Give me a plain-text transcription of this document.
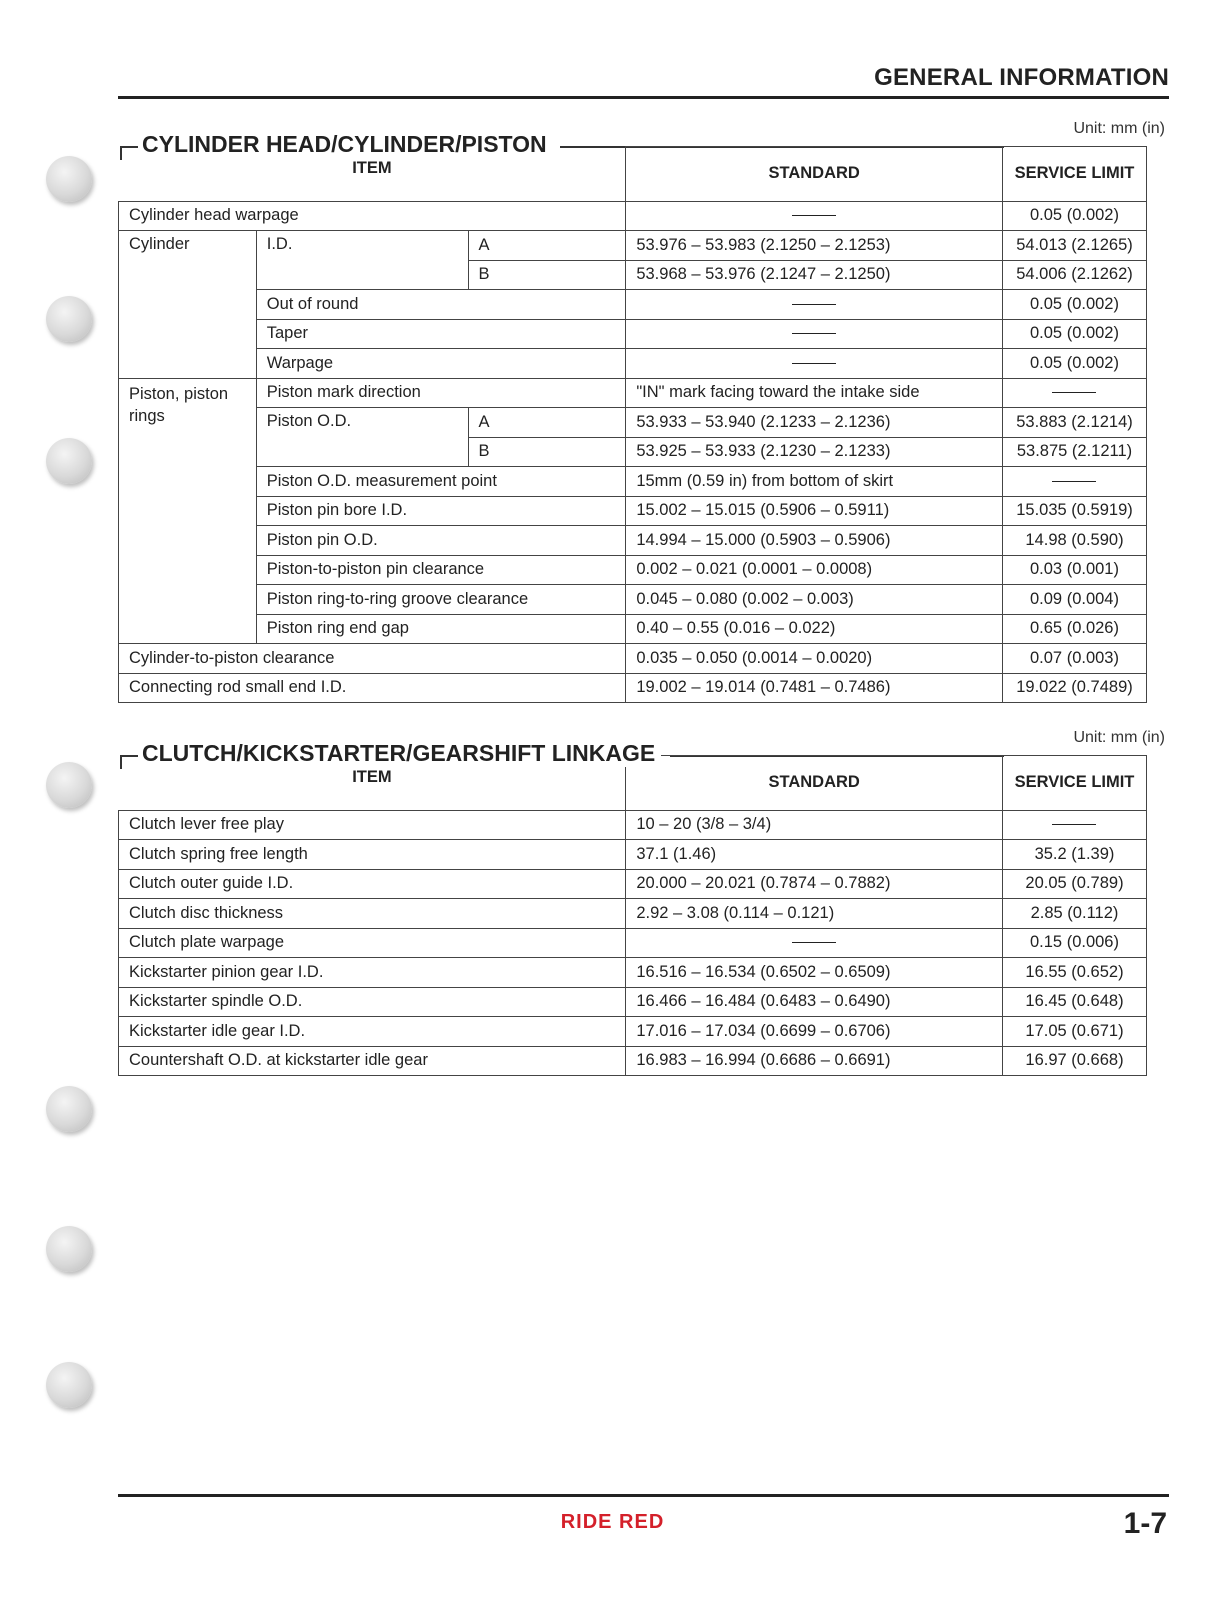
GENERAL INFORMATION
Unit: mm (in)
ITEM			STANDARD	SERVICE LIMIT
Cylinder head warpage				0.05 (0.002)
Cylinder	I.D.	A	53.976 – 53.983 (2.1250 – 2.1253)	54.013 (2.1265)
		B	53.968 – 53.976 (2.1247 – 2.1250)	54.006 (2.1262)
	Out of round			0.05 (0.002)
	Taper			0.05 (0.002)
	Warpage			0.05 (0.002)
Piston, piston rings	Piston mark direction		"IN" mark facing toward the intake side	
	Piston O.D.	A	53.933 – 53.940 (2.1233 – 2.1236)	53.883 (2.1214)
		B	53.925 – 53.933 (2.1230 – 2.1233)	53.875 (2.1211)
	Piston O.D. measurement point		15mm (0.59 in) from bottom of skirt	
	Piston pin bore I.D.		15.002 – 15.015 (0.5906 – 0.5911)	15.035 (0.5919)
	Piston pin O.D.		14.994 – 15.000 (0.5903 – 0.5906)	14.98 (0.590)
	Piston-to-piston pin clearance		0.002 – 0.021 (0.0001 – 0.0008)	0.03 (0.001)
	Piston ring-to-ring groove clearance		0.045 – 0.080 (0.002 – 0.003)	0.09 (0.004)
	Piston ring end gap		0.40 – 0.55 (0.016 – 0.022)	0.65 (0.026)
Cylinder-to-piston clearance			0.035 – 0.050 (0.0014 – 0.0020)	0.07 (0.003)
Connecting rod small end I.D.			19.002 – 19.014 (0.7481 – 0.7486)	19.022 (0.7489)
CYLINDER HEAD/CYLINDER/PISTON
Unit: mm (in)
ITEM	STANDARD	SERVICE LIMIT
Clutch lever free play	10 – 20 (3/8 – 3/4)	
Clutch spring free length	37.1 (1.46)	35.2 (1.39)
Clutch outer guide I.D.	20.000 – 20.021 (0.7874 – 0.7882)	20.05 (0.789)
Clutch disc thickness	2.92 – 3.08 (0.114 – 0.121)	2.85 (0.112)
Clutch plate warpage		0.15 (0.006)
Kickstarter pinion gear I.D.	16.516 – 16.534 (0.6502 – 0.6509)	16.55 (0.652)
Kickstarter spindle O.D.	16.466 – 16.484 (0.6483 – 0.6490)	16.45 (0.648)
Kickstarter idle gear I.D.	17.016 – 17.034 (0.6699 – 0.6706)	17.05 (0.671)
Countershaft O.D. at kickstarter idle gear	16.983 – 16.994 (0.6686 – 0.6691)	16.97 (0.668)
CLUTCH/KICKSTARTER/GEARSHIFT LINKAGE
RIDE RED	1-7
